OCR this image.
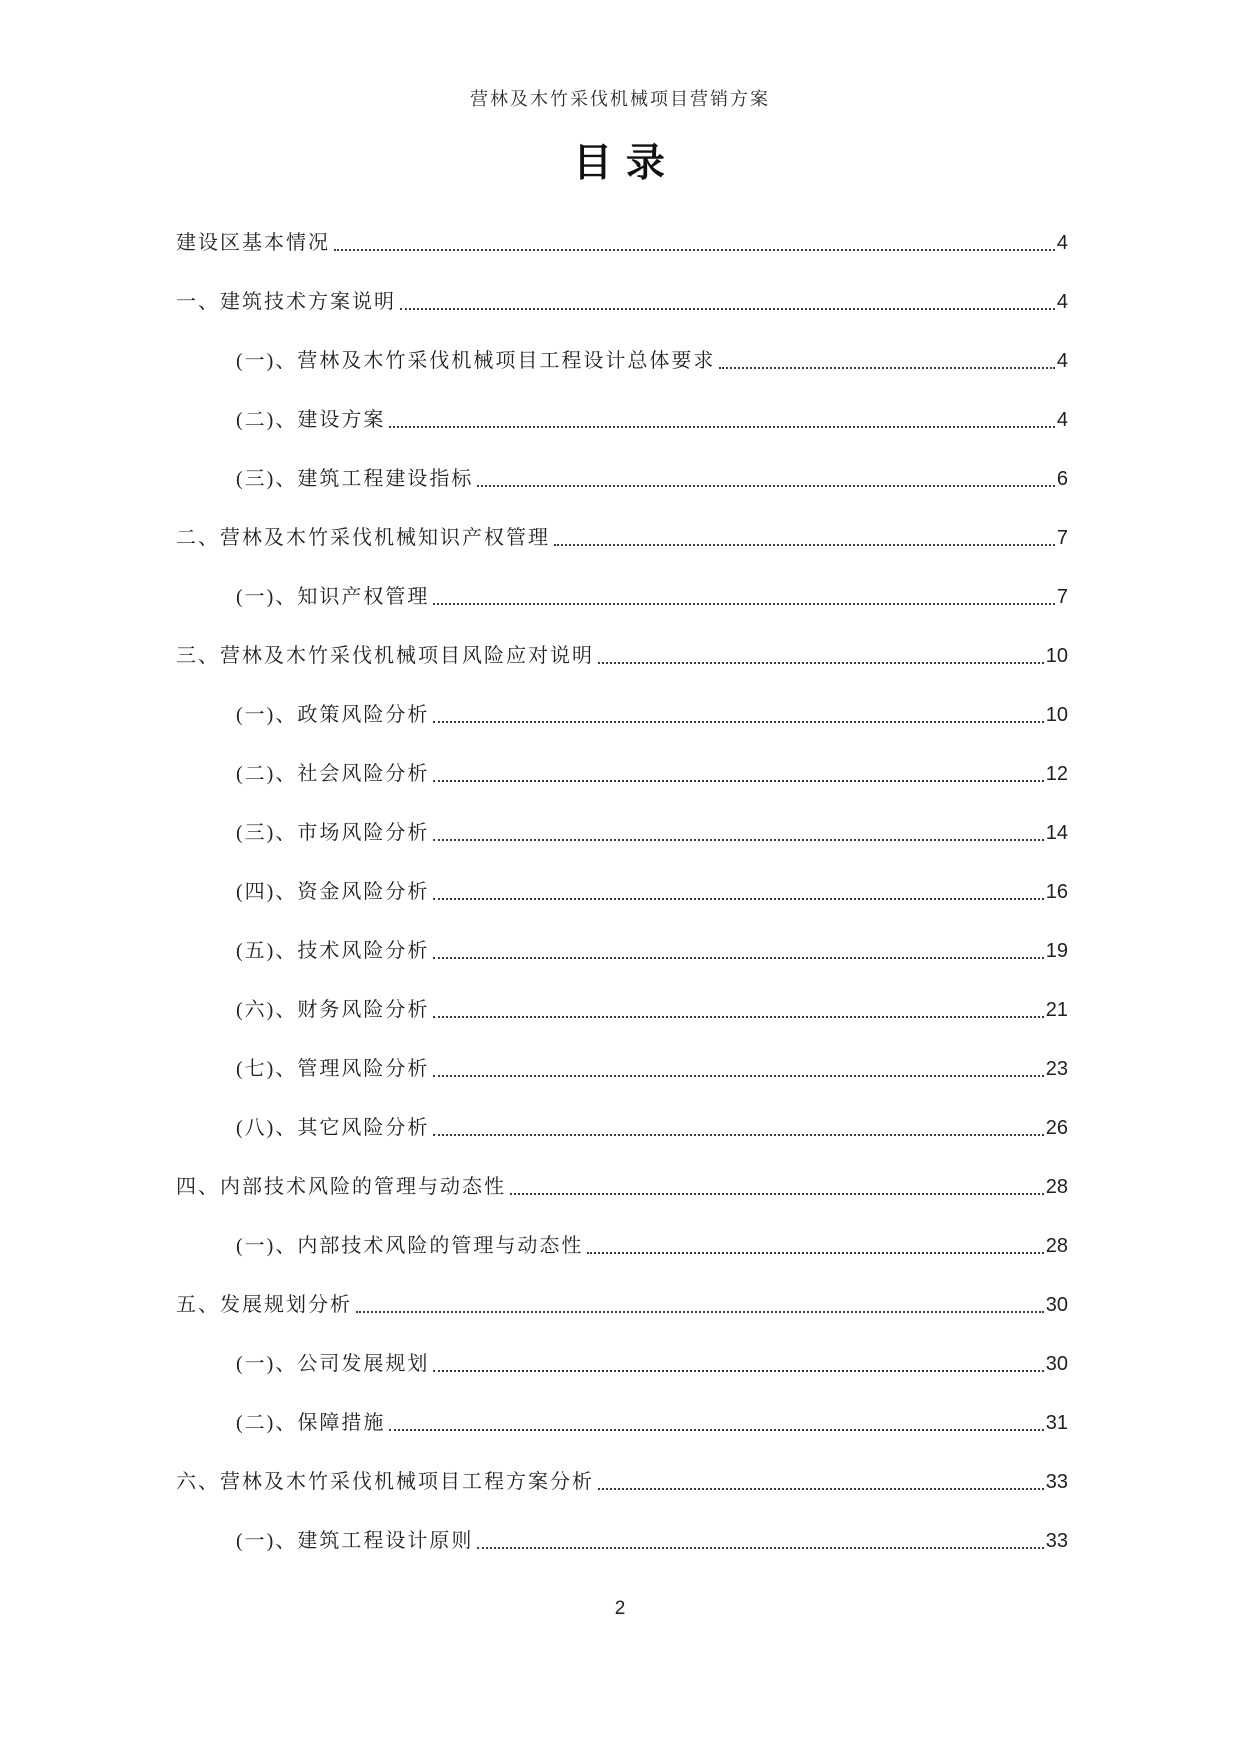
营林及木竹采伐机械项目营销方案
目 录
建设区基本情况	4
一、建筑技术方案说明	4
(一)、营林及木竹采伐机械项目工程设计总体要求	4
(二)、建设方案	4
(三)、建筑工程建设指标	6
二、营林及木竹采伐机械知识产权管理	7
(一)、知识产权管理	7
三、营林及木竹采伐机械项目风险应对说明	10
(一)、政策风险分析	10
(二)、社会风险分析	12
(三)、市场风险分析	14
(四)、资金风险分析	16
(五)、技术风险分析	19
(六)、财务风险分析	21
(七)、管理风险分析	23
(八)、其它风险分析	26
四、内部技术风险的管理与动态性	28
(一)、内部技术风险的管理与动态性	28
五、发展规划分析	30
(一)、公司发展规划	30
(二)、保障措施	31
六、营林及木竹采伐机械项目工程方案分析	33
(一)、建筑工程设计原则	33
2
